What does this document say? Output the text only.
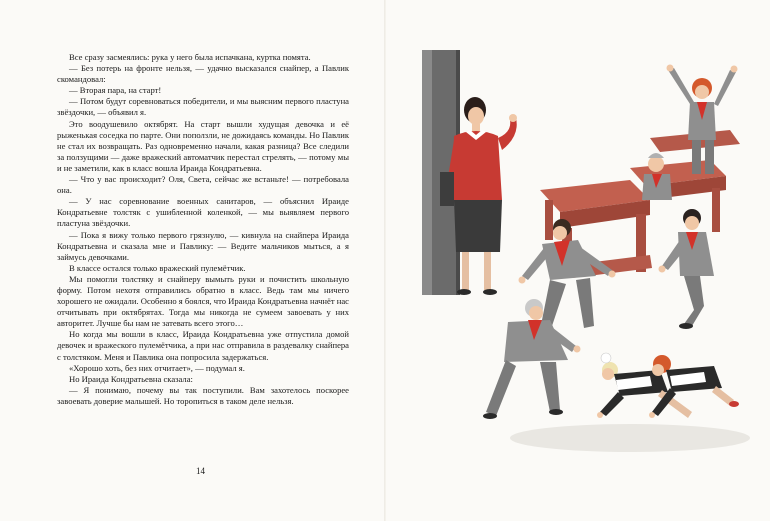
Все сразу засмеялись: рука у него была испачкана, куртка помята.

— Без потерь на фронте нельзя, — удачно высказался снайпер, а Павлик скомандовал:

— Вторая пара, на старт!

— Потом будут соревноваться победители, и мы выясним первого пластуна звёздочки, — объявил я.

Это воодушевило октябрят. На старт вышли худущая девочка и её рыженькая соседка по парте. Они поползли, не дожидаясь команды. Но Павлик не стал их возвращать. Раз одновременно начали, какая разница? Все следили за ползущими — даже вражеский автоматчик перестал стрелять, — потому мы и не заметили, как в класс вошла Ираида Кондратьевна.

— Что у вас происходит? Оля, Света, сейчас же встаньте! — потребовала она.

— У нас соревнование военных санитаров, — объяснил Ираиде Кондратьевне толстяк с ушибленной коленкой, — мы выявляем первого пластуна звёздочки.

— Пока я вижу только первого грязнулю, — кивнула на снайпера Ираида Кондратьевна и сказала мне и Павлику: — Ведите мальчиков мыться, а я займусь девочками.

В классе остался только вражеский пулемётчик.

Мы помогли толстяку и снайперу вымыть руки и почистить школьную форму. Потом нехотя отправились обратно в класс. Ведь там мы ничего хорошего не ожидали. Особенно я боялся, что Ираида Кондратьевна начнёт нас отчитывать при октябрятах. Тогда мы никогда не сумеем завоевать у них авторитет. Лучше бы нам не затевать всего этого…

Но когда мы вошли в класс, Ираида Кондратьевна уже отпустила домой девочек и вражеского пулемётчика, а при нас отправила в раздевалку снайпера с толстяком. Меня и Павлика она попросила задержаться.

«Хорошо хоть, без них отчитает», — подумал я.

Но Ираида Кондратьевна сказала:

— Я понимаю, почему вы так поступили. Вам захотелось поскорее завоевать доверие малышей. Но торопиться в таком деле нельзя.

14
